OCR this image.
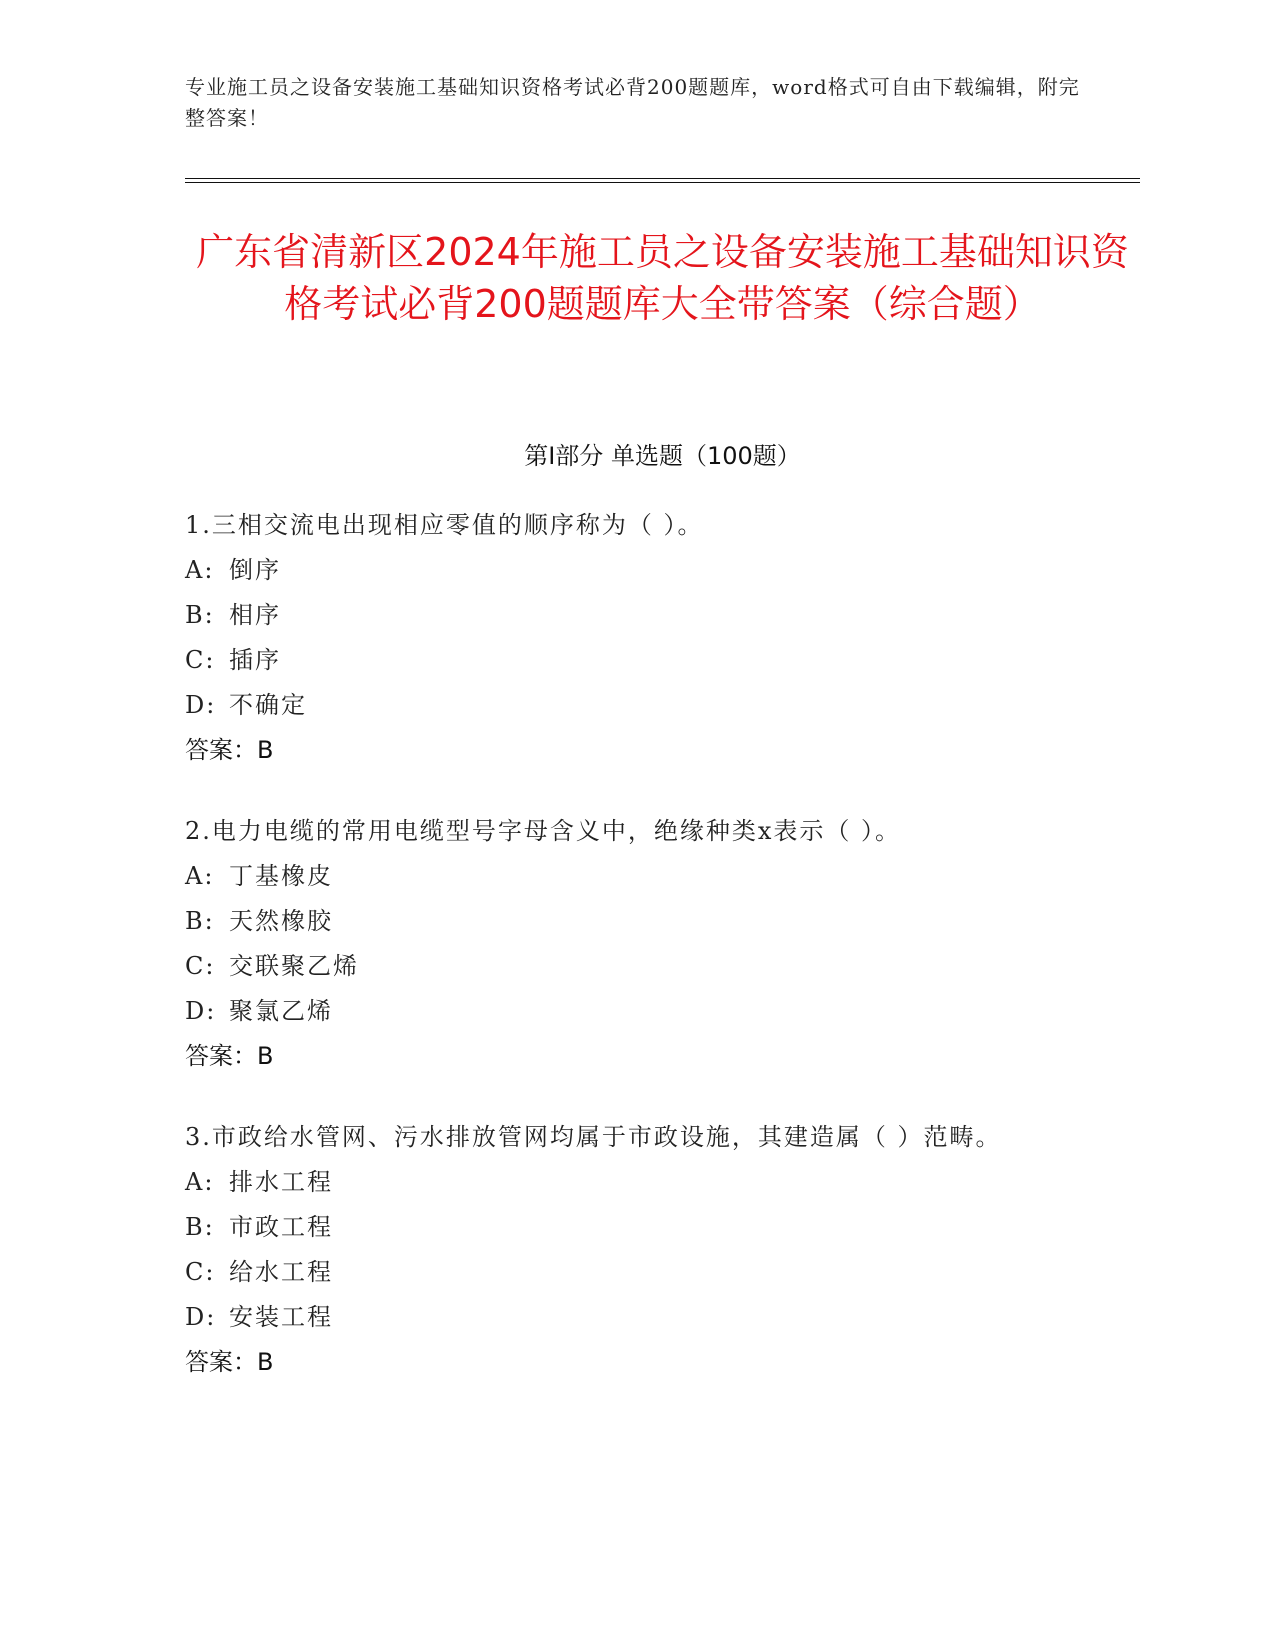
专业施工员之设备安装施工基础知识资格考试必背200题题库，word格式可自由下载编辑，附完整答案！
广东省清新区2024年施工员之设备安装施工基础知识资格考试必背200题题库大全带答案（综合题）
第Ⅰ部分 单选题（100题）
1.三相交流电出现相应零值的顺序称为（ ）。
A: 倒序
B: 相序
C: 插序
D: 不确定
答案：B
2.电力电缆的常用电缆型号字母含义中，绝缘种类x表示（ ）。
A: 丁基橡皮
B: 天然橡胶
C: 交联聚乙烯
D: 聚氯乙烯
答案：B
3.市政给水管网、污水排放管网均属于市政设施，其建造属（ ）范畴。
A: 排水工程
B: 市政工程
C: 给水工程
D: 安装工程
答案：B
